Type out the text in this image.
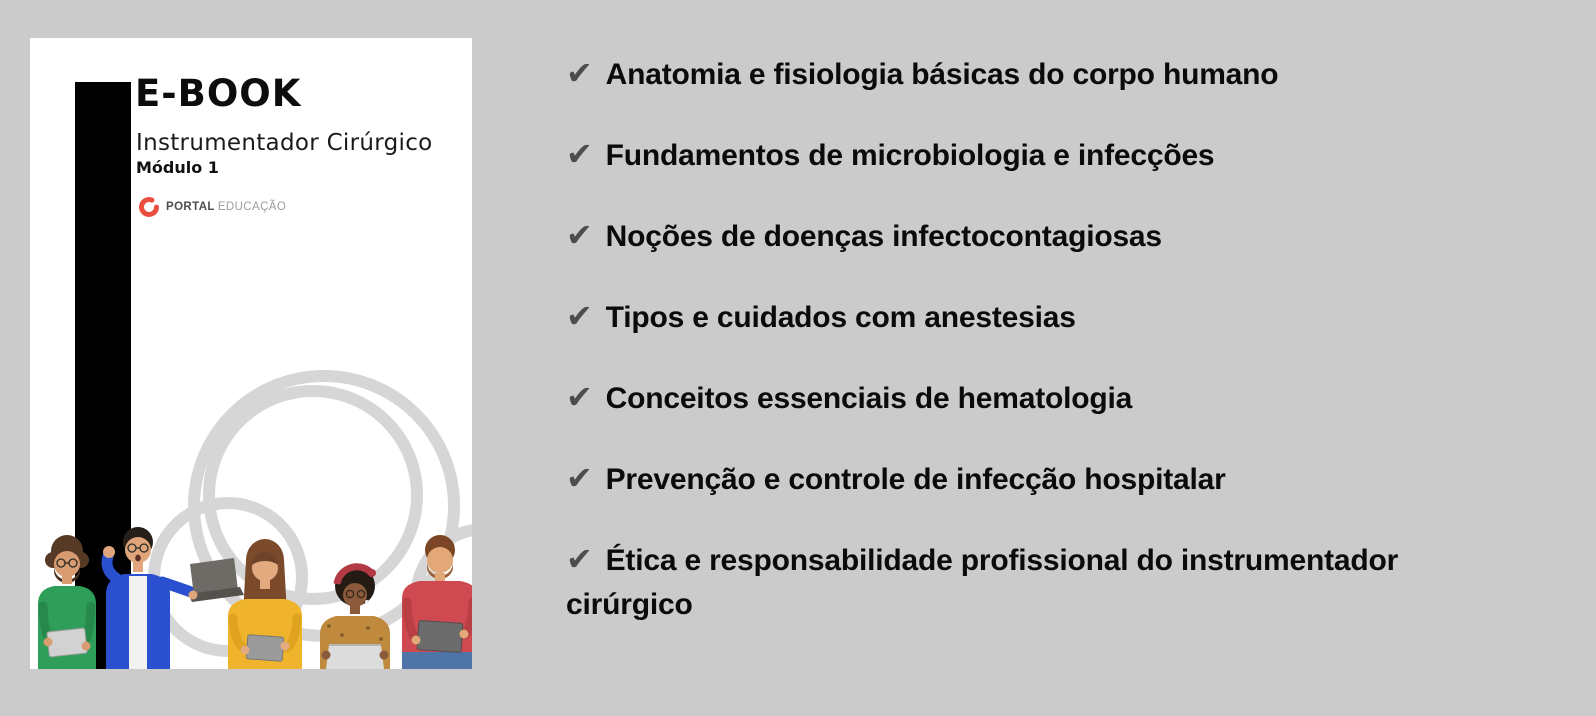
E-BOOK
Instrumentador Cirúrgico
Módulo 1
PORTAL EDUCAÇÃO
✔ Anatomia e fisiologia básicas do corpo humano
✔ Fundamentos de microbiologia e infecções
✔ Noções de doenças infectocontagiosas
✔ Tipos e cuidados com anestesias
✔ Conceitos essenciais de hematologia
✔ Prevenção e controle de infecção hospitalar
✔ Ética e responsabilidade profissional do instrumentador cirúrgico
